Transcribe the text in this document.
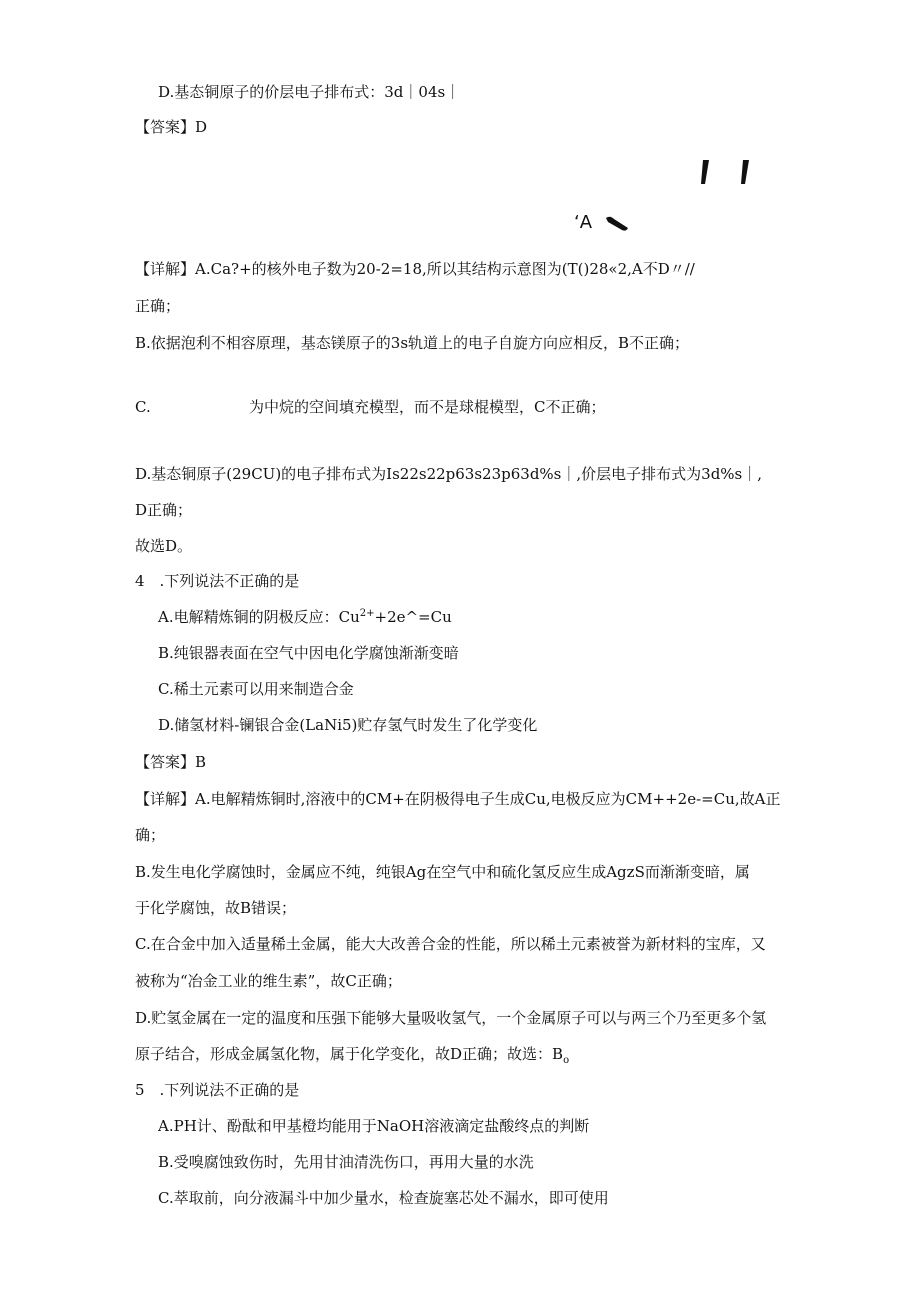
D.基态铜原子的价层电子排布式：3d｜04s｜
【答案】D
‘A
【详解】A.Ca?+的核外电子数为20-2=18,所以其结构示意图为(T()28«2,A不D〃//
正确；
B.依据泡利不相容原理，基态镁原子的3s轨道上的电子自旋方向应相反，B不正确；
C.	为中烷的空间填充模型，而不是球棍模型，C不正确；
D.基态铜原子(29CU)的电子排布式为Is22s22p63s23p63d%s｜,价层电子排布式为3d%s｜,
D正确；
故选D。
4　.下列说法不正确的是
A.电解精炼铜的阴极反应：$Cu^{2+}+2e\^{}=Cu$
B.纯银器表面在空气中因电化学腐蚀渐渐变暗
C.稀土元素可以用来制造合金
D.储氢材料-镧银合金(LaNi5)贮存氢气时发生了化学变化
【答案】B
【详解】A.电解精炼铜时,溶液中的CM+在阴极得电子生成Cu,电极反应为CM++2e-=Cu,故A正
确；
B.发生电化学腐蚀时，金属应不纯，纯银Ag在空气中和硫化氢反应生成AgzS而渐渐变暗，属
于化学腐蚀，故B错误；
C.在合金中加入适量稀土金属，能大大改善合金的性能，所以稀土元素被誉为新材料的宝库，又
被称为“冶金工业的维生素”，故C正确；
D.贮氢金属在一定的温度和压强下能够大量吸收氢气，一个金属原子可以与两三个乃至更多个氢
原子结合，形成金属氢化物，属于化学变化，故D正确；故选：$B_o$
5　.下列说法不正确的是
A.PH计、酚酞和甲基橙均能用于NaOH溶液滴定盐酸终点的判断
B.受嗅腐蚀致伤时，先用甘油清洗伤口，再用大量的水洗
C.萃取前，向分液漏斗中加少量水，检查旋塞芯处不漏水，即可使用
